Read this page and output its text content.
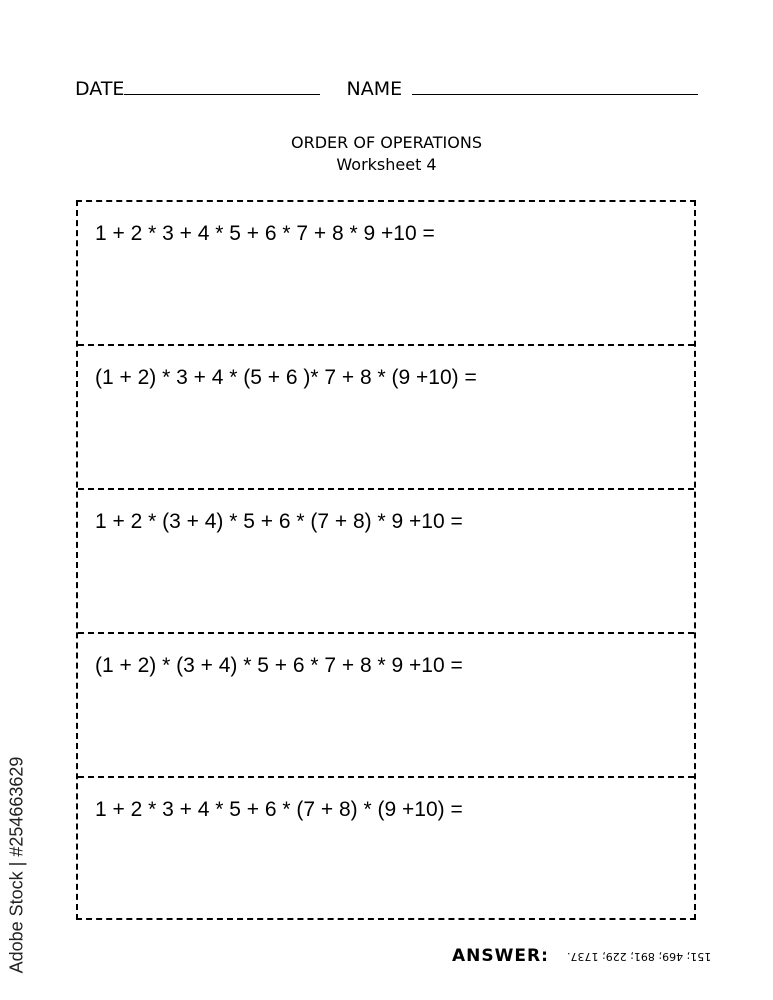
DATE	NAME
ORDER OF OPERATIONS
Worksheet 4
1 + 2 * 3 + 4 * 5 + 6 * 7 + 8 * 9 +10 =
(1 + 2) * 3 + 4 * (5 + 6 )* 7 + 8 * (9 +10) =
1 + 2 * (3 + 4) * 5 + 6 * (7 + 8) * 9 +10 =
(1 + 2) * (3 + 4) * 5 + 6 * 7 + 8 * 9 +10 =
1 + 2 * 3 + 4 * 5 + 6 * (7 + 8) * (9 +10) =
Adobe Stock | #254663629	ANSWER: 151; 469; 891; 229; 1737.
